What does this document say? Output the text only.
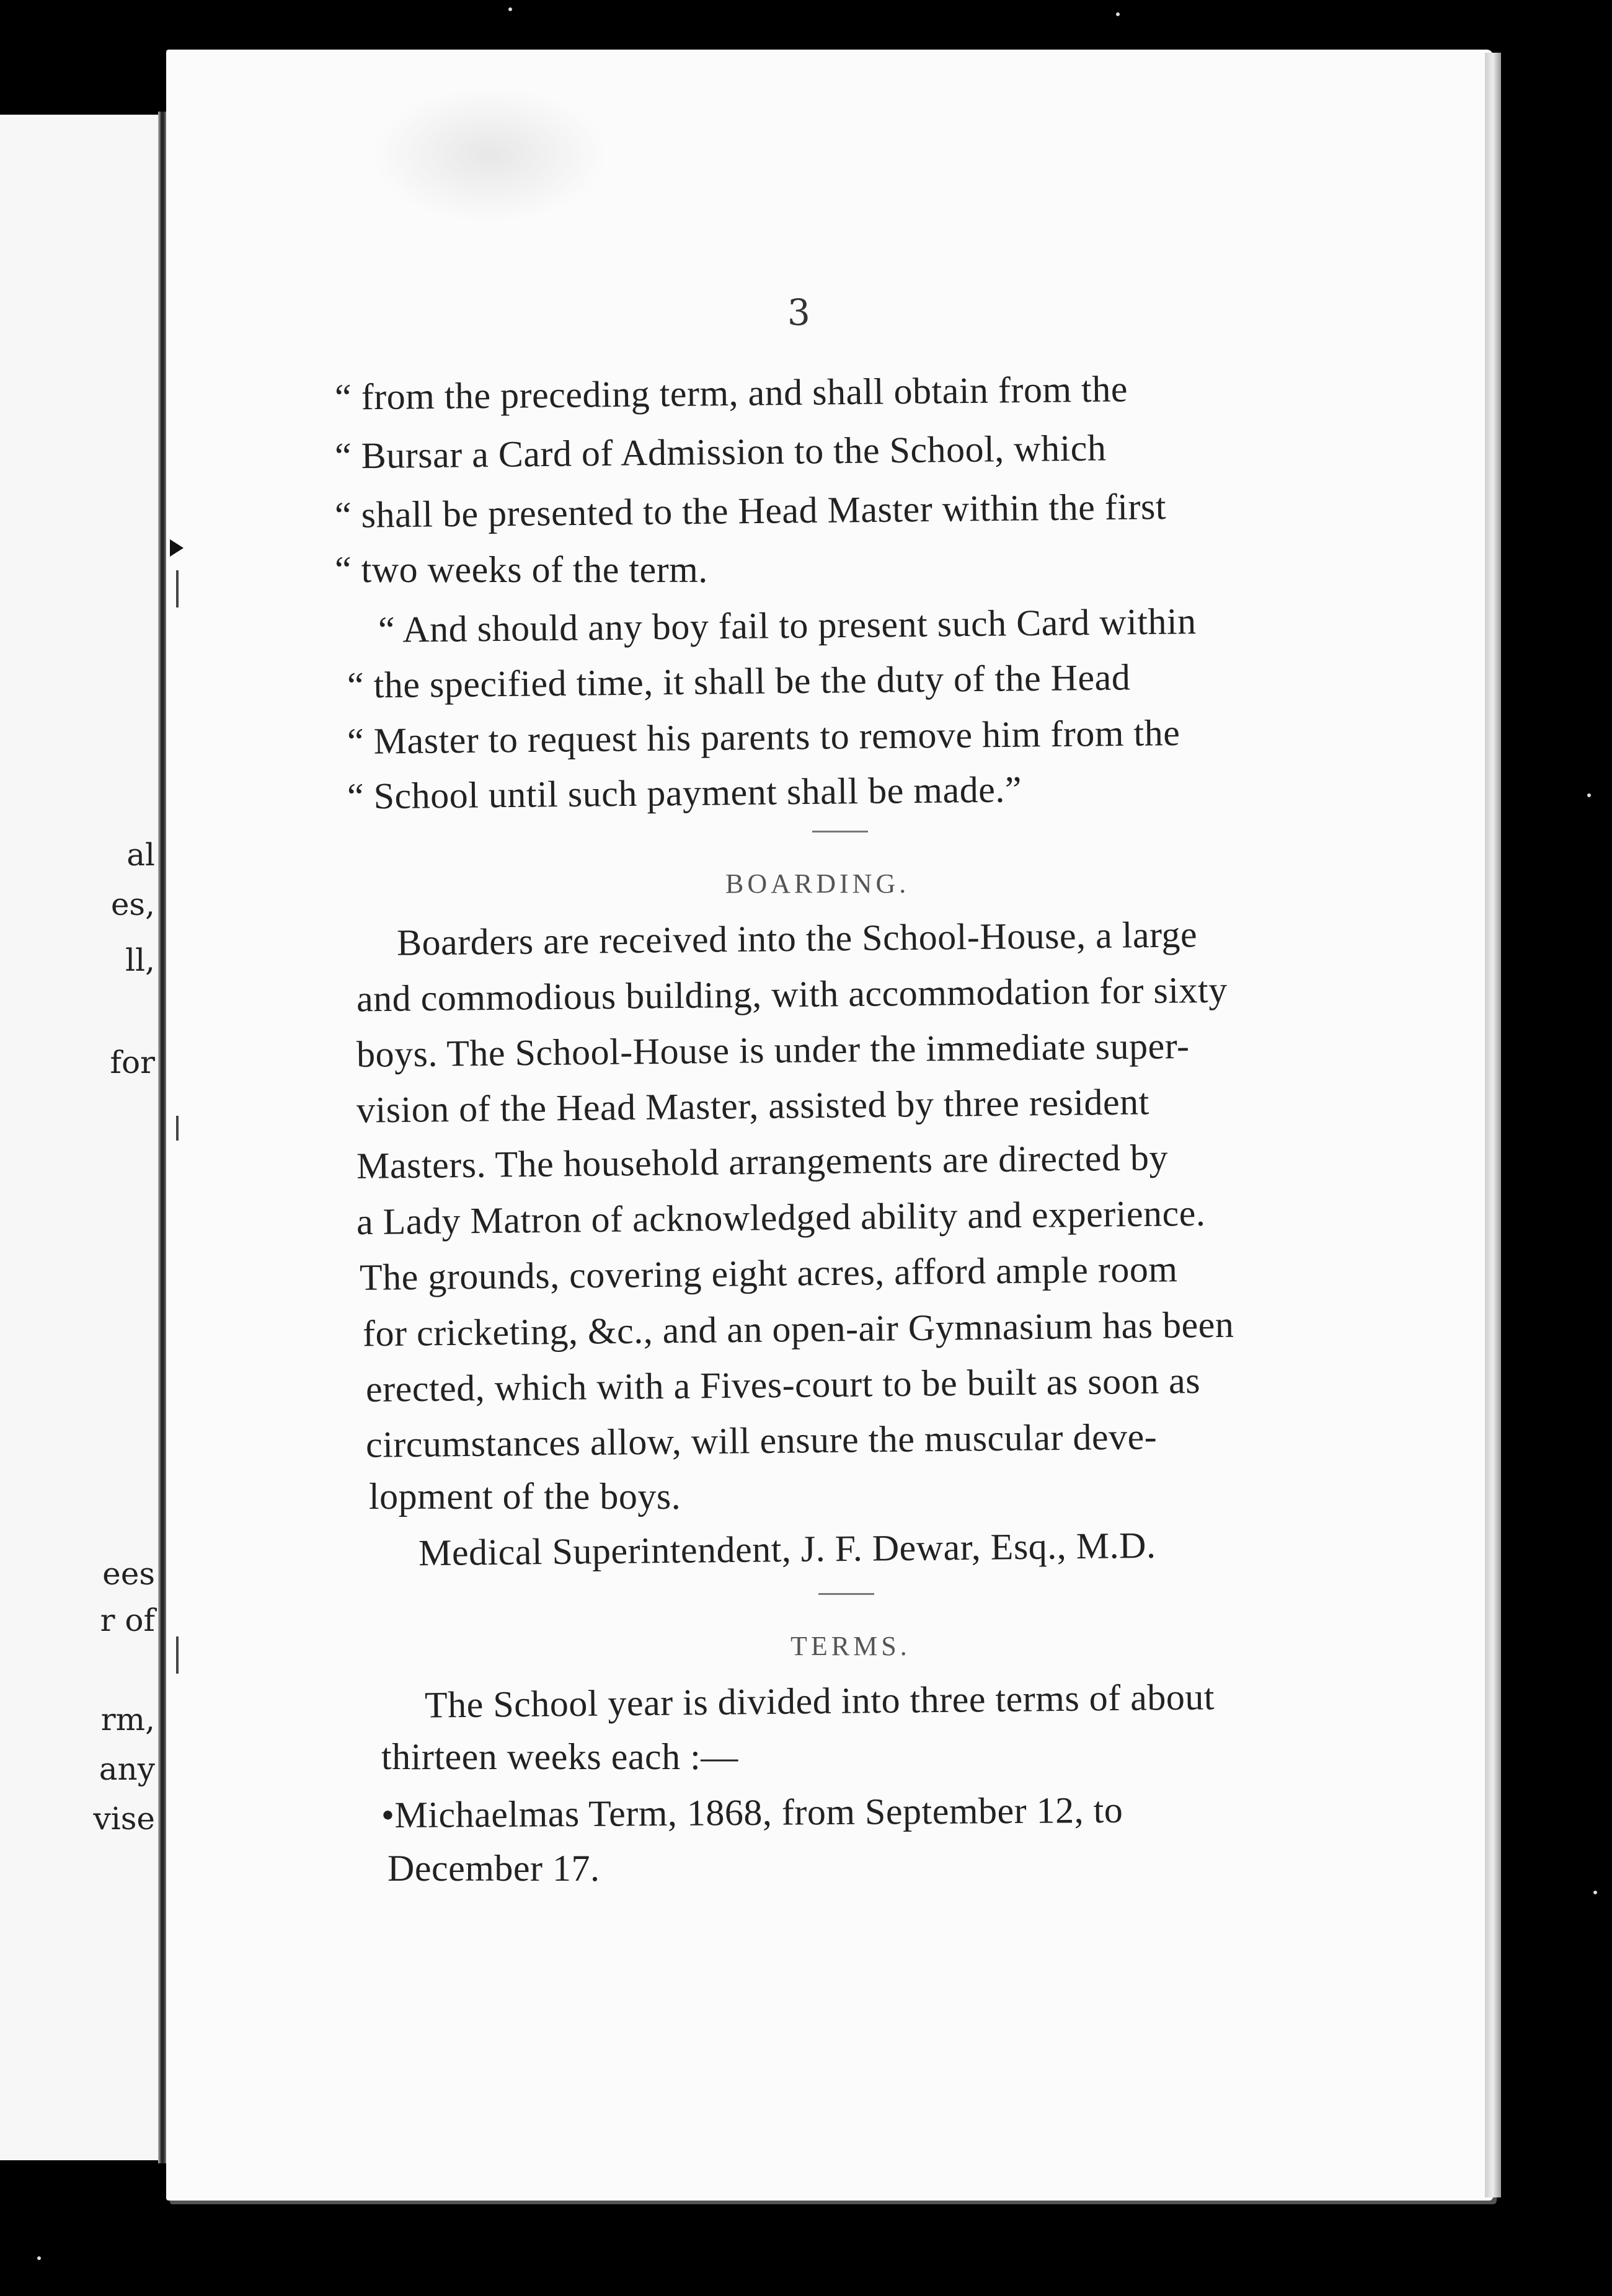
al
es,
ll,
for
ees
r of
rm,
any
vise
3
“ from the preceding term, and shall obtain from the
“ Bursar a Card of Admission to the School, which
“ shall be presented to the Head Master within the first
“ two weeks of the term.
“ And should any boy fail to present such Card within
“ the specified time, it shall be the duty of the Head
“ Master to request his parents to remove him from the
“ School until such payment shall be made.”
BOARDING.
Boarders are received into the School-House, a large
and commodious building, with accommodation for sixty
boys. The School-House is under the immediate super-
vision of the Head Master, assisted by three resident
Masters. The household arrangements are directed by
a Lady Matron of acknowledged ability and experience.
The grounds, covering eight acres, afford ample room
for cricketing, &c., and an open-air Gymnasium has been
erected, which with a Fives-court to be built as soon as
circumstances allow, will ensure the muscular deve-
lopment of the boys.
Medical Superintendent, J. F. Dewar, Esq., M.D.
TERMS.
The School year is divided into three terms of about
thirteen weeks each :—
•Michaelmas Term, 1868, from September 12, to
December 17.
